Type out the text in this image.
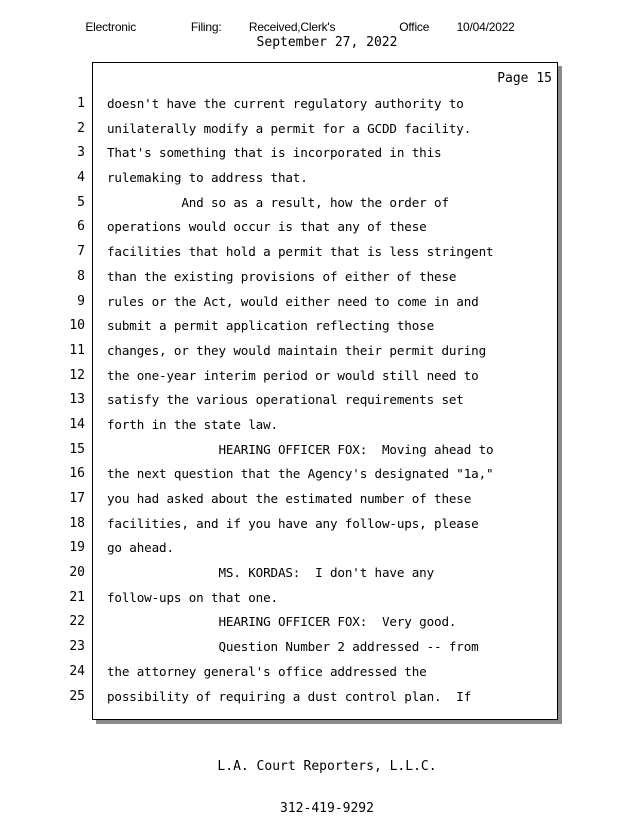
Electronic      Filing:   Received,Clerk's       Office   10/04/2022
September 27, 2022
Page 15
1
2
3
4
5
6
7
8
9
10
11
12
13
14
15
16
17
18
19
20
21
22
23
24
25
doesn't have the current regulatory authority to
unilaterally modify a permit for a GCDD facility.
That's something that is incorporated in this
rulemaking to address that.
And so as a result, how the order of
operations would occur is that any of these
facilities that hold a permit that is less stringent
than the existing provisions of either of these
rules or the Act, would either need to come in and
submit a permit application reflecting those
changes, or they would maintain their permit during
the one-year interim period or would still need to
satisfy the various operational requirements set
forth in the state law.
HEARING OFFICER FOX:  Moving ahead to
the next question that the Agency's designated "1a,"
you had asked about the estimated number of these
facilities, and if you have any follow-ups, please
go ahead.
MS. KORDAS:  I don't have any
follow-ups on that one.
HEARING OFFICER FOX:  Very good.
Question Number 2 addressed -- from
the attorney general's office addressed the
possibility of requiring a dust control plan.  If

L.A. Court Reporters, L.L.C.

312-419-9292
